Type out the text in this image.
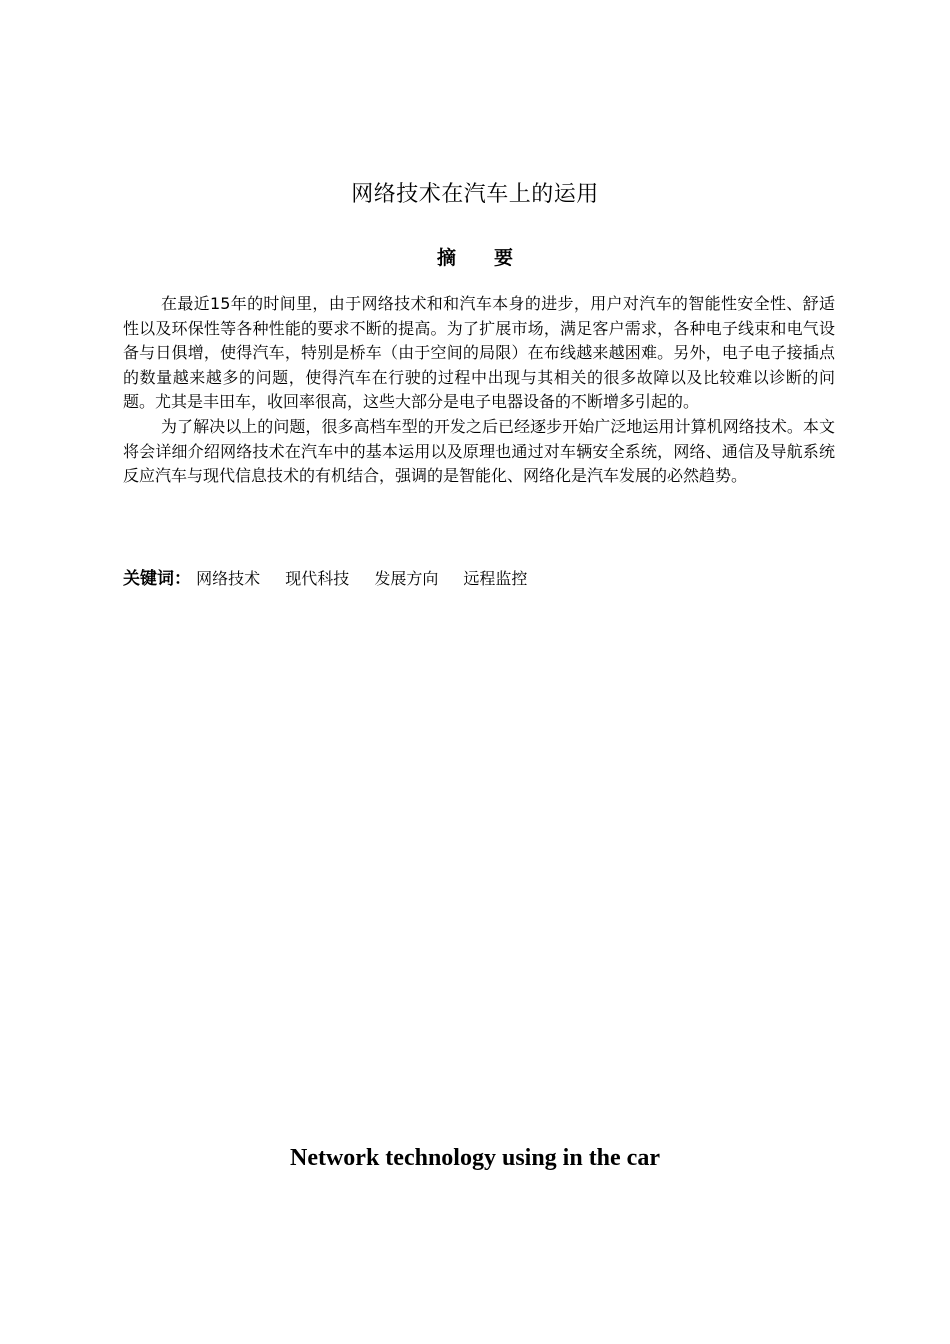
网络技术在汽车上的运用
摘　　要

在最近15年的时间里，由于网络技术和和汽车本身的进步，用户对汽车的智能性安全性、舒适性以及环保性等各种性能的要求不断的提高。为了扩展市场，满足客户需求，各种电子线束和电气设备与日俱增，使得汽车，特别是桥车（由于空间的局限）在布线越来越困难。另外，电子电子接插点的数量越来越多的问题，使得汽车在行驶的过程中出现与其相关的很多故障以及比较难以诊断的问题。尤其是丰田车，收回率很高，这些大部分是电子电器设备的不断增多引起的。

为了解决以上的问题，很多高档车型的开发之后已经逐步开始广泛地运用计算机网络技术。本文将会详细介绍网络技术在汽车中的基本运用以及原理也通过对车辆安全系统，网络、通信及导航系统反应汽车与现代信息技术的有机结合，强调的是智能化、网络化是汽车发展的必然趋势。

关键词： 网络技术 现代科技 发展方向 远程监控
Network technology using in the car
